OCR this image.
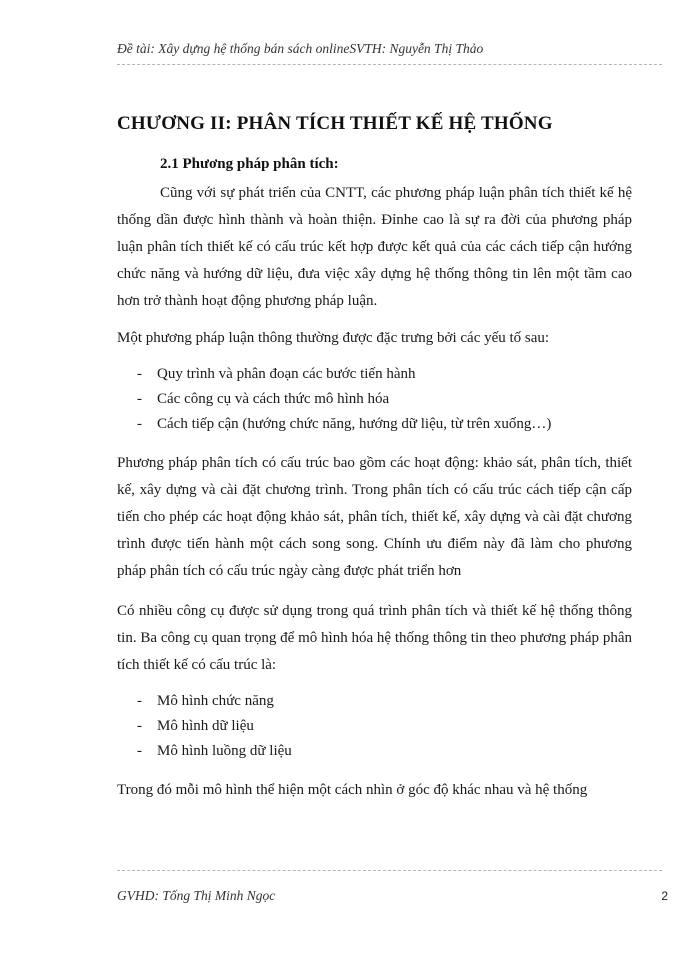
Đề tài: Xây dựng hệ thống bán sách onlineSVTH: Nguyễn Thị Thảo
CHƯƠNG II: PHÂN TÍCH THIẾT KẾ HỆ THỐNG
2.1 Phương pháp phân tích:

Cũng với sự phát triển của CNTT, các phương pháp luận phân tích thiết kế hệ thống dần được hình thành và hoàn thiện. Đỉnhe cao là sự ra đời của phương pháp luận phân tích thiết kế có cấu trúc kết hợp được kết quả của các cách tiếp cận hướng chức năng và hướng dữ liệu, đưa việc xây dựng hệ thống thông tin lên một tầm cao hơn trở thành hoạt động phương pháp luận.

Một phương pháp luận thông thường được đặc trưng bởi các yếu tố sau:

-	Quy trình và phân đoạn các bước tiến hành
-	Các công cụ và cách thức mô hình hóa
-	Cách tiếp cận (hướng chức năng, hướng dữ liệu, từ trên xuống…)

Phương pháp phân tích có cấu trúc bao gồm các hoạt động: khảo sát, phân tích, thiết kế, xây dựng và cài đặt chương trình. Trong phân tích có cấu trúc cách tiếp cận cấp tiến cho phép các hoạt động khảo sát, phân tích, thiết kế, xây dựng và cài đặt chương trình được tiến hành một cách song song. Chính ưu điểm này đã làm cho phương pháp phân tích có cấu trúc ngày càng được phát triển hơn

Có nhiều công cụ được sử dụng trong quá trình phân tích và thiết kế hệ thống thông tin. Ba công cụ quan trọng để mô hình hóa hệ thống thông tin theo phương pháp phân tích thiết kế có cấu trúc là:

-	Mô hình chức năng
-	Mô hình dữ liệu
-	Mô hình luồng dữ liệu

Trong đó mỗi mô hình thể hiện một cách nhìn ở góc độ khác nhau và hệ thống

GVHD: Tống Thị Minh Ngọc	2
